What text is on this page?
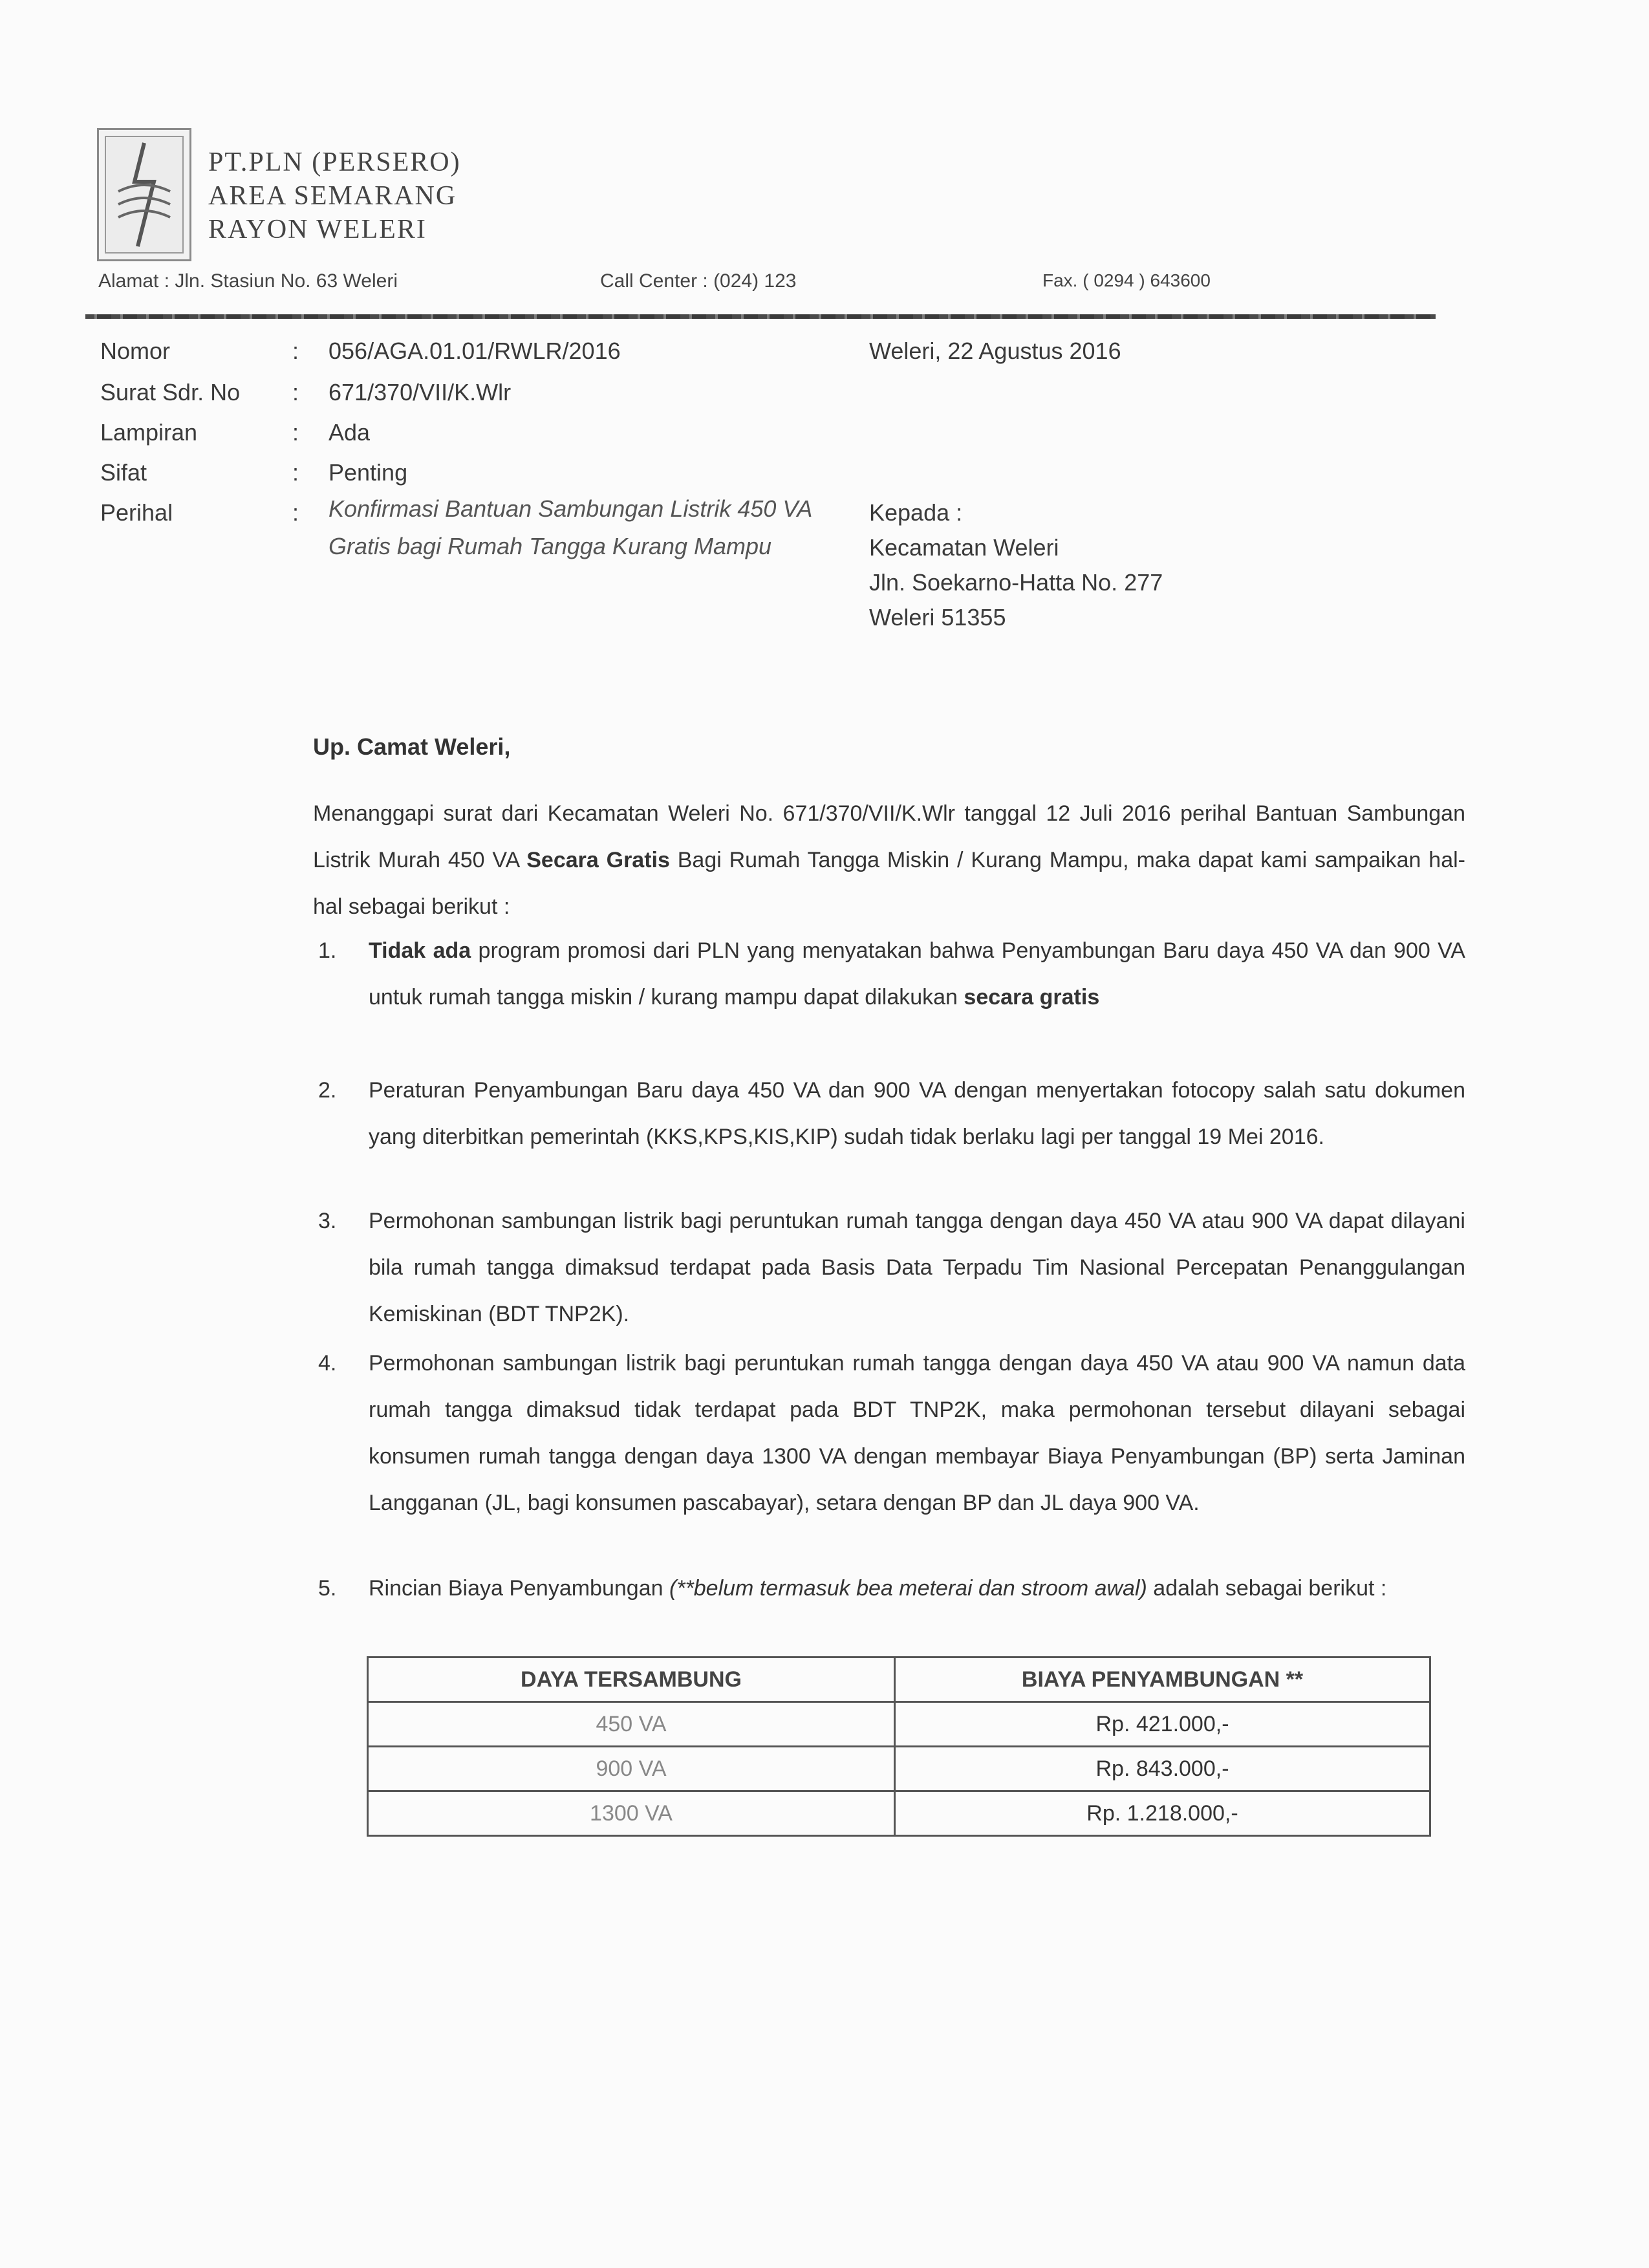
PT.PLN (PERSERO)
AREA SEMARANG
RAYON WELERI
Alamat : Jln. Stasiun No. 63 Weleri	Call Center : (024) 123	Fax. ( 0294 ) 643600
Nomor	: 056/AGA.01.01/RWLR/2016
Surat Sdr. No : 671/370/VII/K.Wlr
Lampiran	: Ada
Sifat	: Penting
Perihal	: Konfirmasi Bantuan Sambungan Listrik 450 VA Gratis bagi Rumah Tangga Kurang Mampu
Weleri, 22 Agustus 2016
Kepada :
Kecamatan Weleri
Jln. Soekarno-Hatta No. 277
Weleri 51355
Up. Camat Weleri,
Menanggapi surat dari Kecamatan Weleri No. 671/370/VII/K.Wlr tanggal 12 Juli 2016 perihal Bantuan Sambungan Listrik Murah 450 VA Secara Gratis Bagi Rumah Tangga Miskin / Kurang Mampu, maka dapat kami sampaikan hal-hal sebagai berikut :
1. Tidak ada program promosi dari PLN yang menyatakan bahwa Penyambungan Baru daya 450 VA dan 900 VA untuk rumah tangga miskin / kurang mampu dapat dilakukan secara gratis
2. Peraturan Penyambungan Baru daya 450 VA dan 900 VA dengan menyertakan fotocopy salah satu dokumen yang diterbitkan pemerintah (KKS,KPS,KIS,KIP) sudah tidak berlaku lagi per tanggal 19 Mei 2016.
3. Permohonan sambungan listrik bagi peruntukan rumah tangga dengan daya 450 VA atau 900 VA dapat dilayani bila rumah tangga dimaksud terdapat pada Basis Data Terpadu Tim Nasional Percepatan Penanggulangan Kemiskinan (BDT TNP2K).
4. Permohonan sambungan listrik bagi peruntukan rumah tangga dengan daya 450 VA atau 900 VA namun data rumah tangga dimaksud tidak terdapat pada BDT TNP2K, maka permohonan tersebut dilayani sebagai konsumen rumah tangga dengan daya 1300 VA dengan membayar Biaya Penyambungan (BP) serta Jaminan Langganan (JL, bagi konsumen pascabayar), setara dengan BP dan JL daya 900 VA.
5. Rincian Biaya Penyambungan (**belum termasuk bea meterai dan stroom awal) adalah sebagai berikut :
DAYA TERSAMBUNG	BIAYA PENYAMBUNGAN **
450 VA	Rp. 421.000,-
900 VA	Rp. 843.000,-
1300 VA	Rp. 1.218.000,-
